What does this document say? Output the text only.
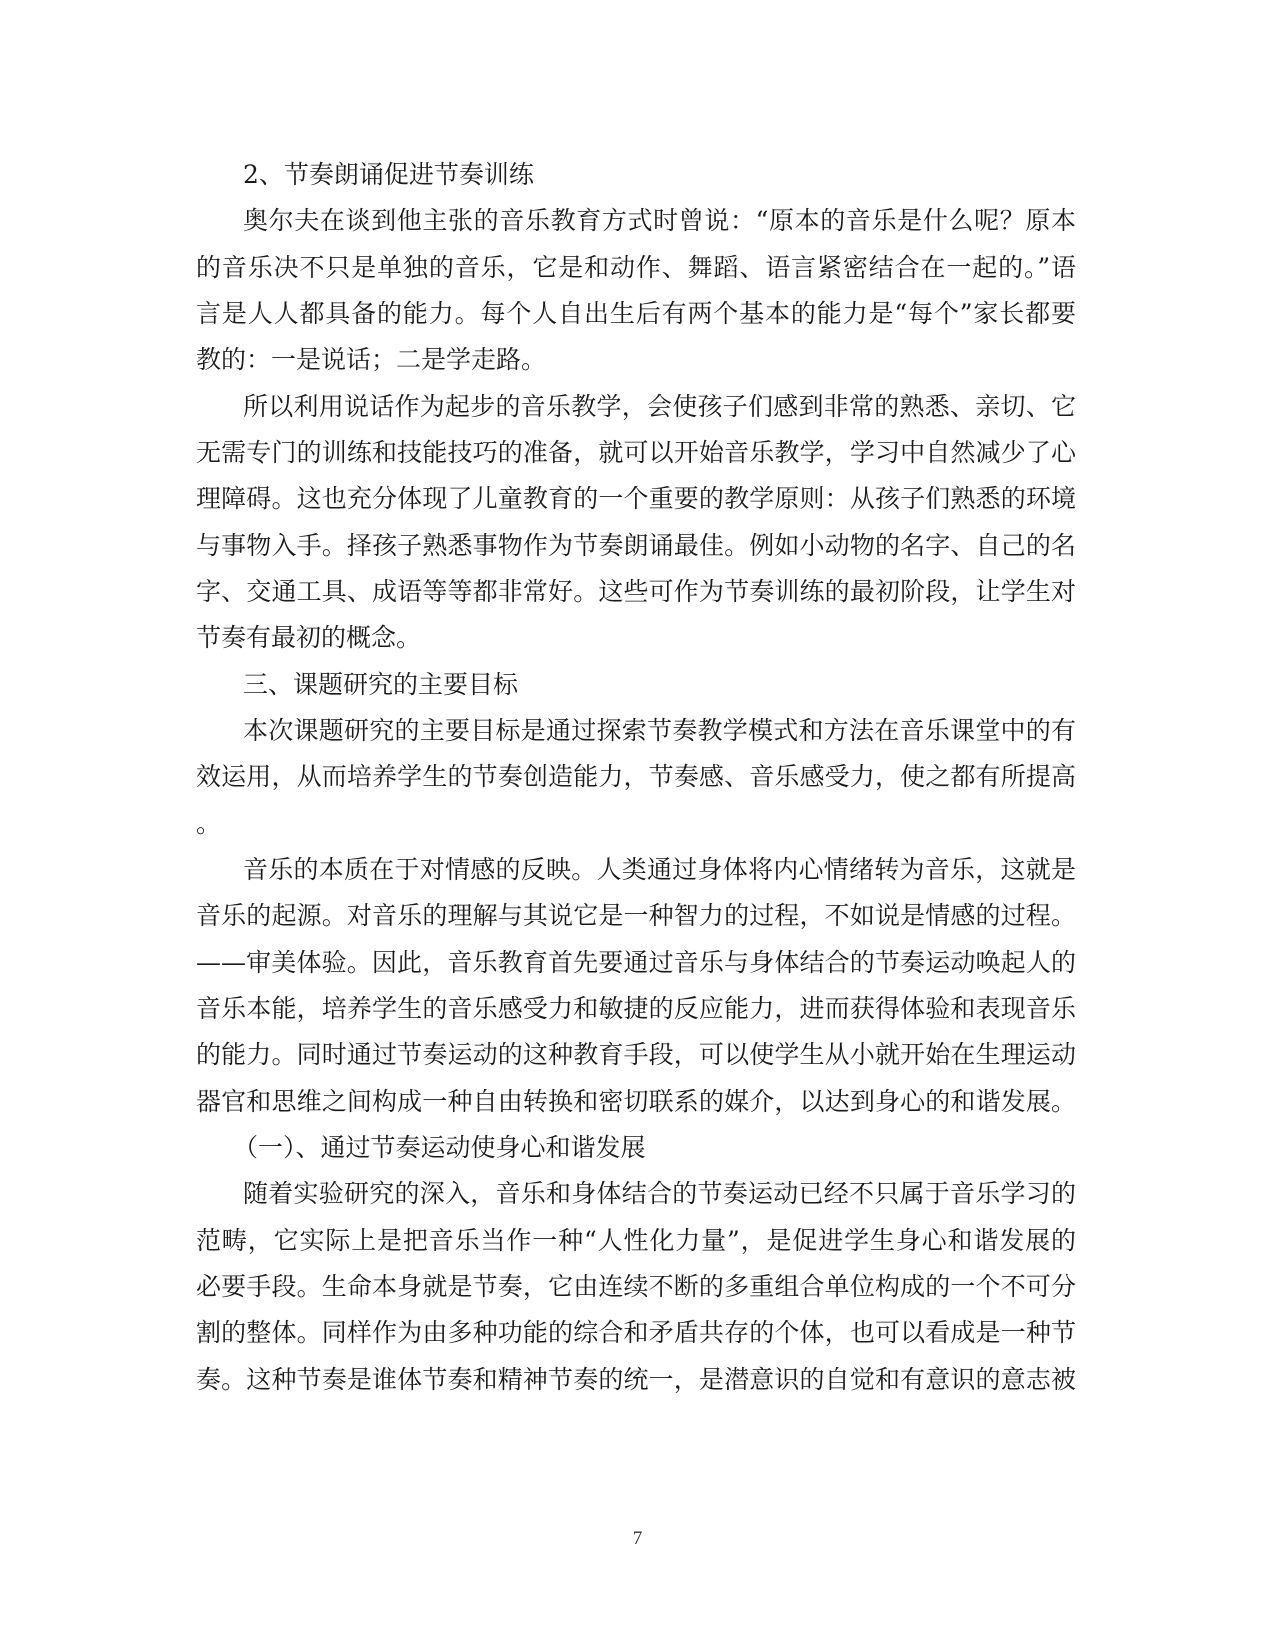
2、节奏朗诵促进节奏训练
奥尔夫在谈到他主张的音乐教育方式时曾说：“原本的音乐是什么呢？原本
的音乐决不只是单独的音乐，它是和动作、舞蹈、语言紧密结合在一起的。”语
言是人人都具备的能力。每个人自出生后有两个基本的能力是“每个”家长都要
教的：一是说话；二是学走路。
所以利用说话作为起步的音乐教学，会使孩子们感到非常的熟悉、亲切、它
无需专门的训练和技能技巧的准备，就可以开始音乐教学，学习中自然减少了心
理障碍。这也充分体现了儿童教育的一个重要的教学原则：从孩子们熟悉的环境
与事物入手。择孩子熟悉事物作为节奏朗诵最佳。例如小动物的名字、自己的名
字、交通工具、成语等等都非常好。这些可作为节奏训练的最初阶段，让学生对
节奏有最初的概念。
三、课题研究的主要目标
本次课题研究的主要目标是通过探索节奏教学模式和方法在音乐课堂中的有
效运用，从而培养学生的节奏创造能力，节奏感、音乐感受力，使之都有所提高
。
音乐的本质在于对情感的反映。人类通过身体将内心情绪转为音乐，这就是
音乐的起源。对音乐的理解与其说它是一种智力的过程，不如说是情感的过程。
——审美体验。因此，音乐教育首先要通过音乐与身体结合的节奏运动唤起人的
音乐本能，培养学生的音乐感受力和敏捷的反应能力，进而获得体验和表现音乐
的能力。同时通过节奏运动的这种教育手段，可以使学生从小就开始在生理运动
器官和思维之间构成一种自由转换和密切联系的媒介，以达到身心的和谐发展。
（一）、通过节奏运动使身心和谐发展
随着实验研究的深入，音乐和身体结合的节奏运动已经不只属于音乐学习的
范畴，它实际上是把音乐当作一种“人性化力量”，是促进学生身心和谐发展的
必要手段。生命本身就是节奏，它由连续不断的多重组合单位构成的一个不可分
割的整体。同样作为由多种功能的综合和矛盾共存的个体，也可以看成是一种节
奏。这种节奏是谁体节奏和精神节奏的统一，是潜意识的自觉和有意识的意志被
7
